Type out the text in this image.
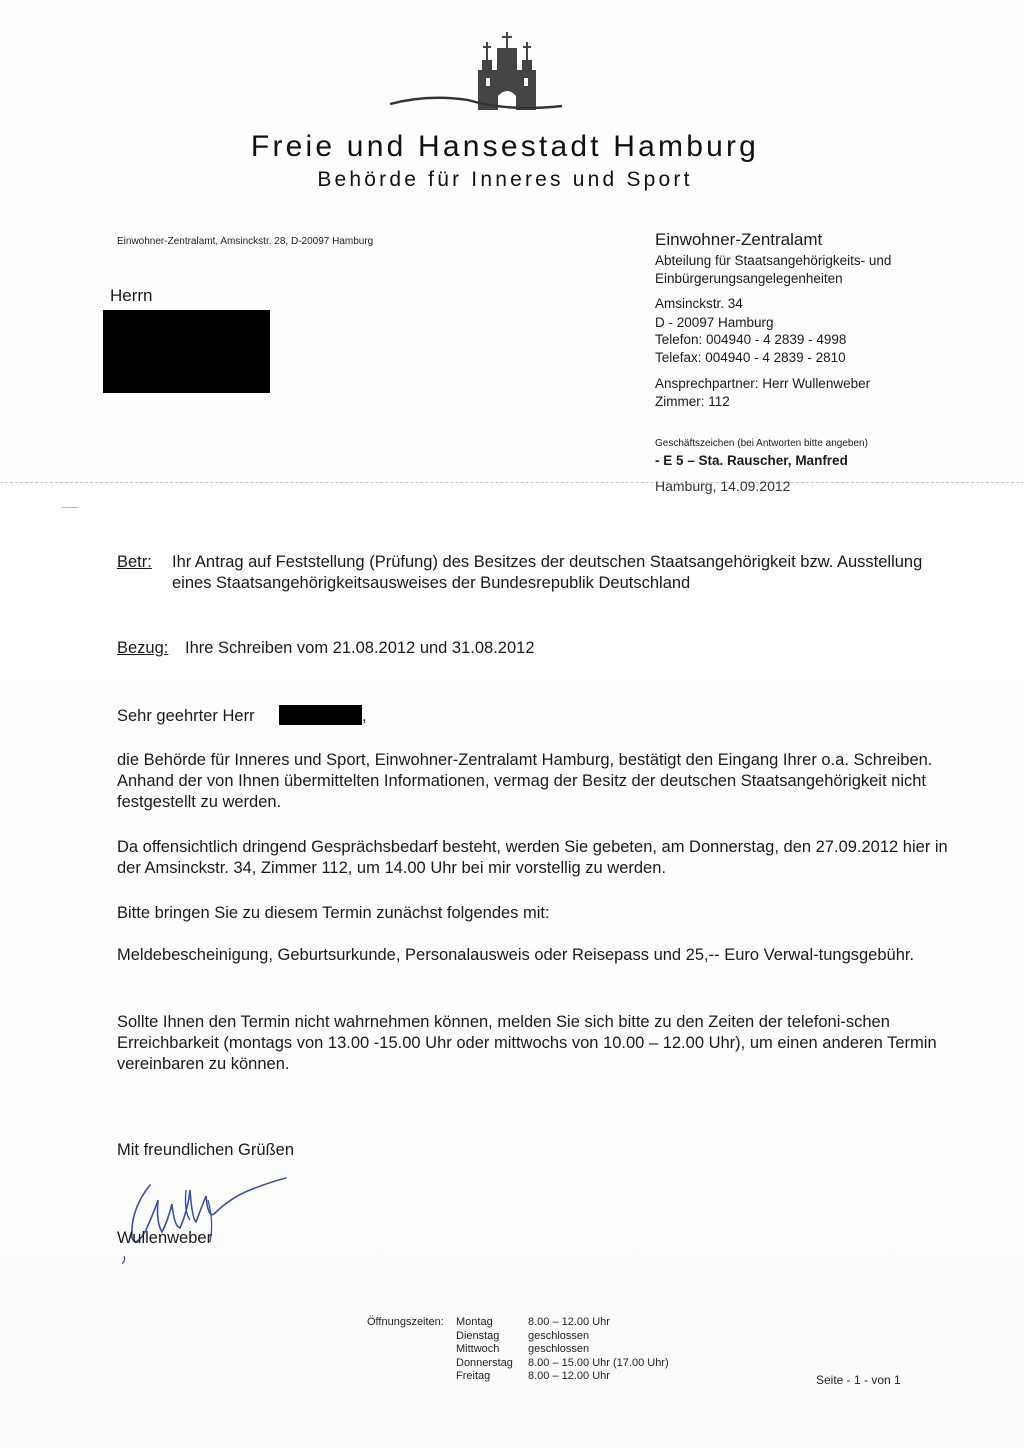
Freie und Hansestadt Hamburg
Behörde für Inneres und Sport
Einwohner-Zentralamt, Amsinckstr. 28, D-20097 Hamburg
Herrn
Einwohner-Zentralamt
Abteilung für Staatsangehörigkeits- und
Einbürgerungsangelegenheiten
Amsinckstr. 34
D - 20097 Hamburg
Telefon: 004940 - 4 2839 - 4998
Telefax: 004940 - 4 2839 - 2810
Ansprechpartner: Herr Wullenweber
Zimmer: 112
Geschäftszeichen (bei Antworten bitte angeben)
- E 5 – Sta. Rauscher, Manfred
Hamburg, 14.09.2012
Betr: Ihr Antrag auf Feststellung (Prüfung) des Besitzes der deutschen Staatsangehörigkeit bzw. Ausstellung eines Staatsangehörigkeitsausweises der Bundesrepublik Deutschland
Bezug: Ihre Schreiben vom 21.08.2012 und 31.08.2012
Sehr geehrter Herr	,
die Behörde für Inneres und Sport, Einwohner-Zentralamt Hamburg, bestätigt den Eingang Ihrer o.a. Schreiben. Anhand der von Ihnen übermittelten Informationen, vermag der Besitz der deutschen Staatsangehörigkeit nicht festgestellt zu werden.
Da offensichtlich dringend Gesprächsbedarf besteht, werden Sie gebeten, am Donnerstag, den 27.09.2012 hier in der Amsinckstr. 34, Zimmer 112, um 14.00 Uhr bei mir vorstellig zu werden.
Bitte bringen Sie zu diesem Termin zunächst folgendes mit:
Meldebescheinigung, Geburtsurkunde, Personalausweis oder Reisepass und 25,-- Euro Verwal-tungsgebühr.
Sollte Ihnen den Termin nicht wahrnehmen können, melden Sie sich bitte zu den Zeiten der telefoni-schen Erreichbarkeit (montags von 13.00 -15.00 Uhr oder mittwochs von 10.00 – 12.00 Uhr), um einen anderen Termin vereinbaren zu können.
Mit freundlichen Grüßen
Wullenweber
Öffnungszeiten: Montag	8.00 – 12.00 Uhr
Dienstag	geschlossen
Mittwoch	geschlossen
Donnerstag	8.00 – 15.00 Uhr (17.00 Uhr)
Freitag	8.00 – 12.00 Uhr	Seite - 1 - von 1
